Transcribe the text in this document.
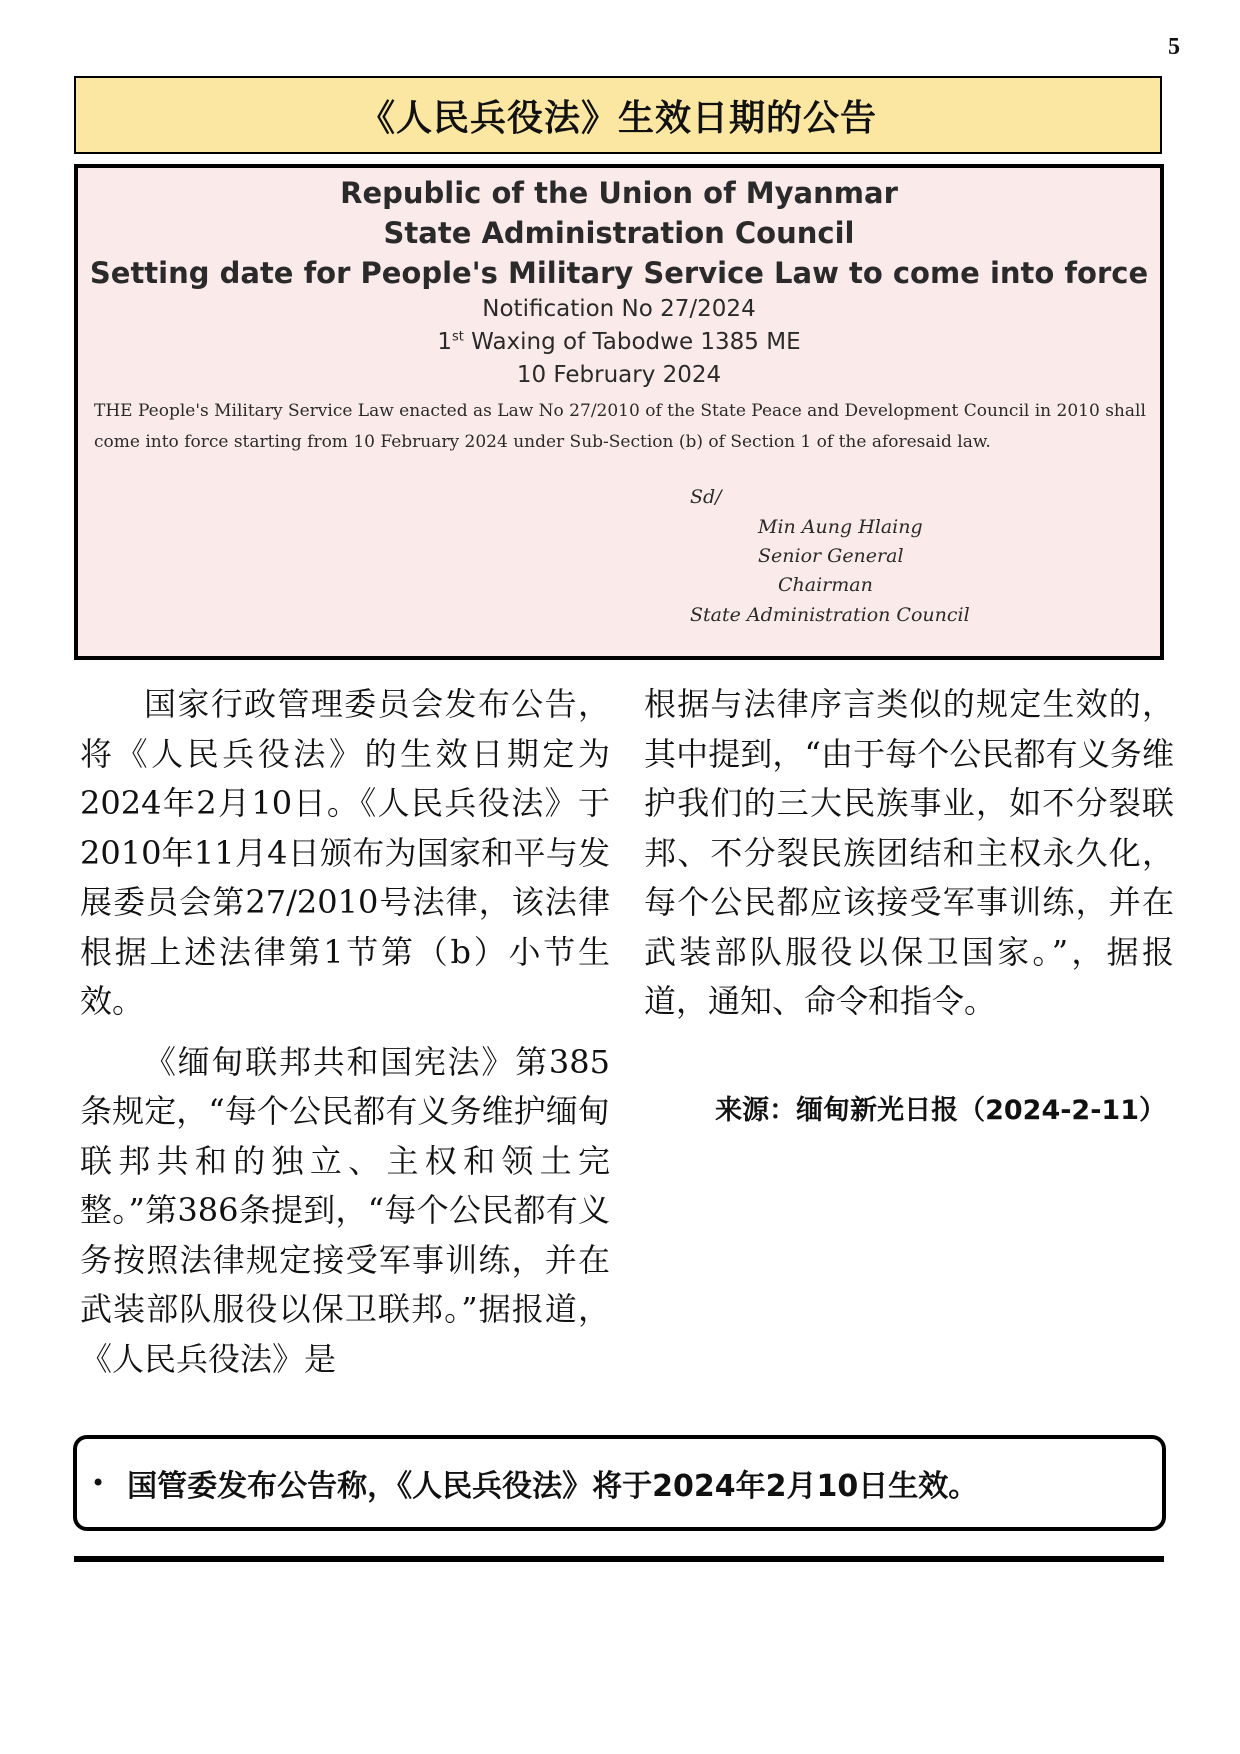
5
《人民兵役法》生效日期的公告
Republic of the Union of Myanmar
State Administration Council
Setting date for People's Military Service Law to come into force
Notification No 27/2024
1st Waxing of Tabodwe 1385 ME
10 February 2024
THE People's Military Service Law enacted as Law No 27/2010 of the State Peace and Development Council in 2010 shall come into force starting from 10 February 2024 under Sub-Section (b) of Section 1 of the aforesaid law.
Sd/
Min Aung Hlaing
Senior General
Chairman
State Administration Council

国家行政管理委员会发布公告，将《人民兵役法》的生效日期定为2024年2月10日。《人民兵役法》于2010年11月4日颁布为国家和平与发展委员会第27/2010号法律，该法律根据上述法律第1节第（b）小节生效。

《缅甸联邦共和国宪法》第385条规定，“每个公民都有义务维护缅甸联邦共和的独立、主权和领土完整。”第386条提到，“每个公民都有义务按照法律规定接受军事训练，并在武装部队服役以保卫联邦。”据报道，《人民兵役法》是

根据与法律序言类似的规定生效的，其中提到，“由于每个公民都有义务维护我们的三大民族事业，如不分裂联邦、不分裂民族团结和主权永久化，每个公民都应该接受军事训练，并在武装部队服役以保卫国家。”，据报道，通知、命令和指令。

来源：缅甸新光日报（2024-2-11）
• 国管委发布公告称，《人民兵役法》将于2024年2月10日生效。
